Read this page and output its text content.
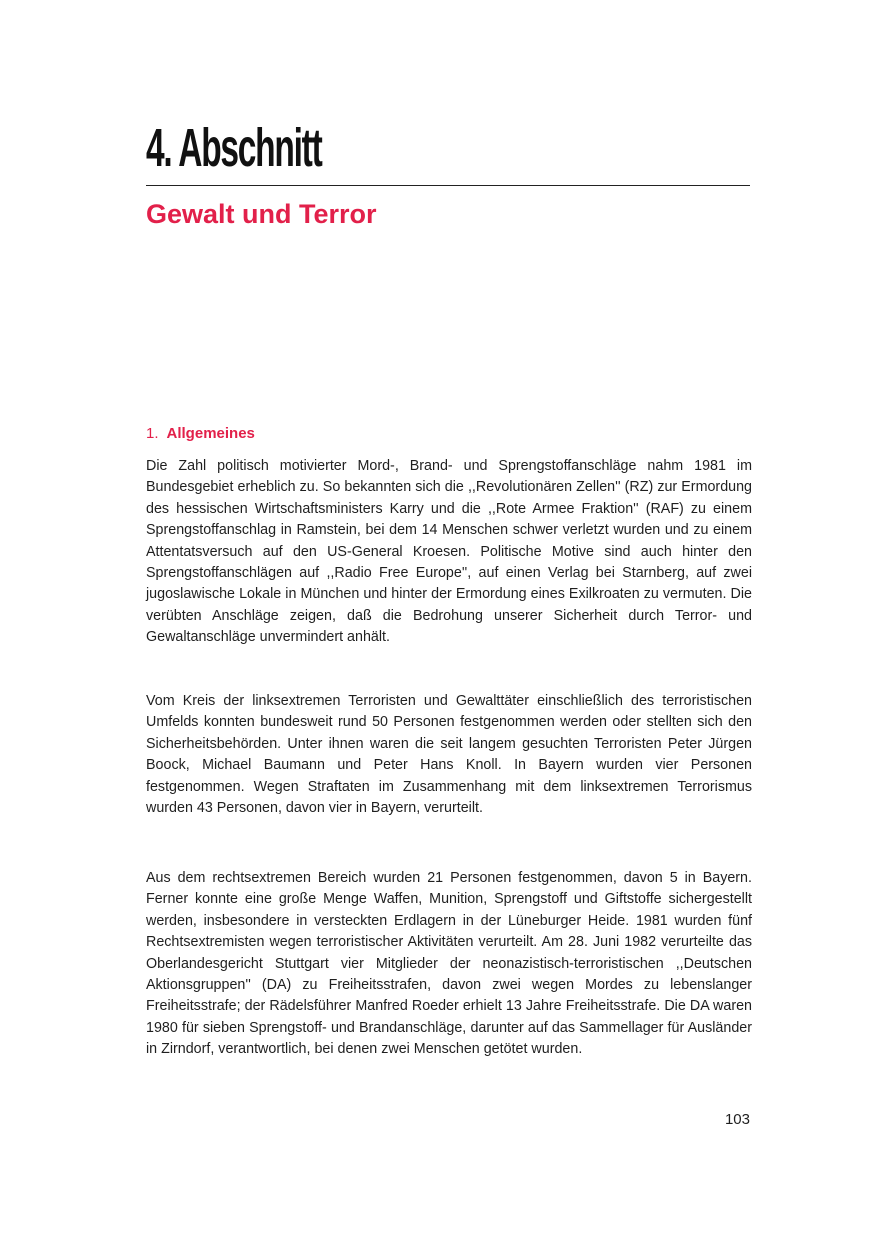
4. Abschnitt
Gewalt und Terror
1. Allgemeines

Die Zahl politisch motivierter Mord-, Brand- und Sprengstoffanschläge nahm 1981 im Bundesgebiet erheblich zu. So bekannten sich die ,,Revolutionären Zellen'' (RZ) zur Ermordung des hessischen Wirtschaftsministers Karry und die ,,Rote Armee Fraktion'' (RAF) zu einem Sprengstoffanschlag in Ramstein, bei dem 14 Menschen schwer verletzt wurden und zu einem Attentatsversuch auf den US-General Kroesen. Politische Motive sind auch hinter den Sprengstoffanschlägen auf ,,Radio Free Europe'', auf einen Verlag bei Starnberg, auf zwei jugoslawische Lokale in München und hinter der Ermordung eines Exilkroaten zu vermuten. Die verübten Anschläge zeigen, daß die Bedrohung unserer Sicherheit durch Terror- und Gewaltanschläge unvermindert anhält.

Vom Kreis der linksextremen Terroristen und Gewalttäter einschließlich des terroristischen Umfelds konnten bundesweit rund 50 Personen festgenommen werden oder stellten sich den Sicherheitsbehörden. Unter ihnen waren die seit langem gesuchten Terroristen Peter Jürgen Boock, Michael Baumann und Peter Hans Knoll. In Bayern wurden vier Personen festgenommen. Wegen Straftaten im Zusammenhang mit dem linksextremen Terrorismus wurden 43 Personen, davon vier in Bayern, verurteilt.

Aus dem rechtsextremen Bereich wurden 21 Personen festgenommen, davon 5 in Bayern. Ferner konnte eine große Menge Waffen, Munition, Sprengstoff und Giftstoffe sichergestellt werden, insbesondere in versteckten Erdlagern in der Lüneburger Heide. 1981 wurden fünf Rechtsextremisten wegen terroristischer Aktivitäten verurteilt. Am 28. Juni 1982 verurteilte das Oberlandesgericht Stuttgart vier Mitglieder der neonazistisch-terroristischen ,,Deutschen Aktionsgruppen'' (DA) zu Freiheitsstrafen, davon zwei wegen Mordes zu lebenslanger Freiheitsstrafe; der Rädelsführer Manfred Roeder erhielt 13 Jahre Freiheitsstrafe. Die DA waren 1980 für sieben Sprengstoff- und Brandanschläge, darunter auf das Sammellager für Ausländer in Zirndorf, verantwortlich, bei denen zwei Menschen getötet wurden.

103
